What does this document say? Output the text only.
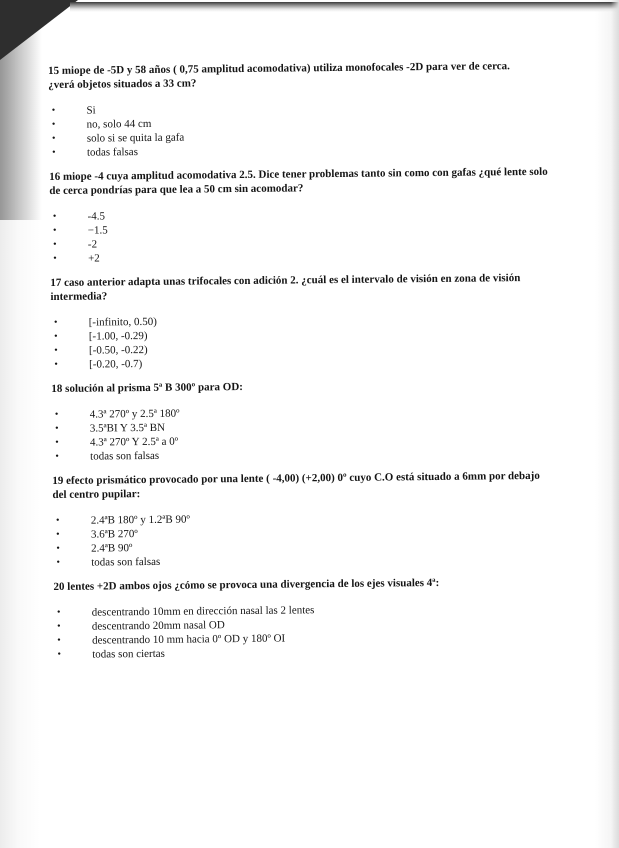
15 miope de -5D y 58 años ( 0,75 amplitud acomodativa) utiliza monofocales -2D para ver de cerca.
¿verá objetos situados a 33 cm?

•	Si
•	no, solo 44 cm
•	solo si se quita la gafa
•	todas falsas

16 miope -4 cuya amplitud acomodativa 2.5. Dice tener problemas tanto sin como con gafas ¿qué lente solo de cerca pondrías para que lea a 50 cm sin acomodar?

•	-4.5
•	−1.5
•	-2
•	+2

17 caso anterior adapta unas trifocales con adición 2. ¿cuál es el intervalo de visión en zona de visión intermedia?

•	[-infinito, 0.50)
•	[-1.00, -0.29)
•	[-0.50, -0.22)
•	[-0.20, -0.7)

18 solución al prisma 5ª B 300º para OD:

•	4.3ª 270º y 2.5ª 180º
•	3.5ªBI Y 3.5ª BN
•	4.3ª 270º Y 2.5ª a 0º
•	todas son falsas

19 efecto prismático provocado por una lente ( -4,00) (+2,00) 0º cuyo C.O está situado a 6mm por debajo del centro pupilar:

•	2.4ªB 180º y 1.2ªB 90º
•	3.6ªB 270º
•	2.4ªB 90º
•	todas son falsas

20 lentes +2D ambos ojos ¿cómo se provoca una divergencia de los ejes visuales 4ª:

•	descentrando 10mm en dirección nasal las 2 lentes
•	descentrando 20mm nasal OD
•	descentrando 10 mm hacia 0º OD y 180º OI
•	todas son ciertas
